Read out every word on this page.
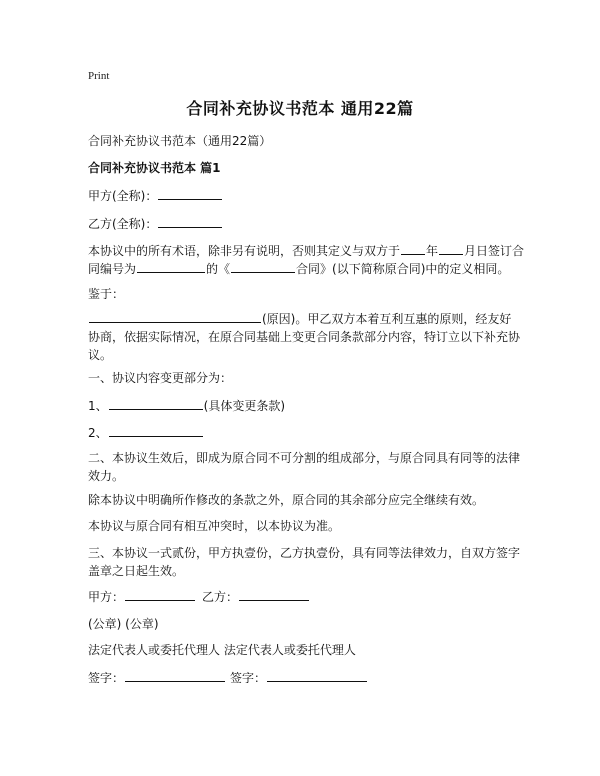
Print
合同补充协议书范本 通用22篇
合同补充协议书范本（通用22篇）
合同补充协议书范本 篇1
甲方(全称)：
乙方(全称)：
本协议中的所有术语，除非另有说明，否则其定义与双方于 年 月日签订合
同编号为	的《	合同》(以下简称原合同)中的定义相同。
鉴于：
(原因)。甲乙双方本着互利互惠的原则，经友好
协商，依据实际情况，在原合同基础上变更合同条款部分内容，特订立以下补充协
议。
一、协议内容变更部分为：
1、	(具体变更条款)
2、
二、本协议生效后，即成为原合同不可分割的组成部分，与原合同具有同等的法律
效力。
除本协议中明确所作修改的条款之外，原合同的其余部分应完全继续有效。
本协议与原合同有相互冲突时，以本协议为准。
三、本协议一式贰份，甲方执壹份，乙方执壹份，具有同等法律效力，自双方签字
盖章之日起生效。
甲方：	乙方：
(公章) (公章)
法定代表人或委托代理人 法定代表人或委托代理人
签字：	签字：
